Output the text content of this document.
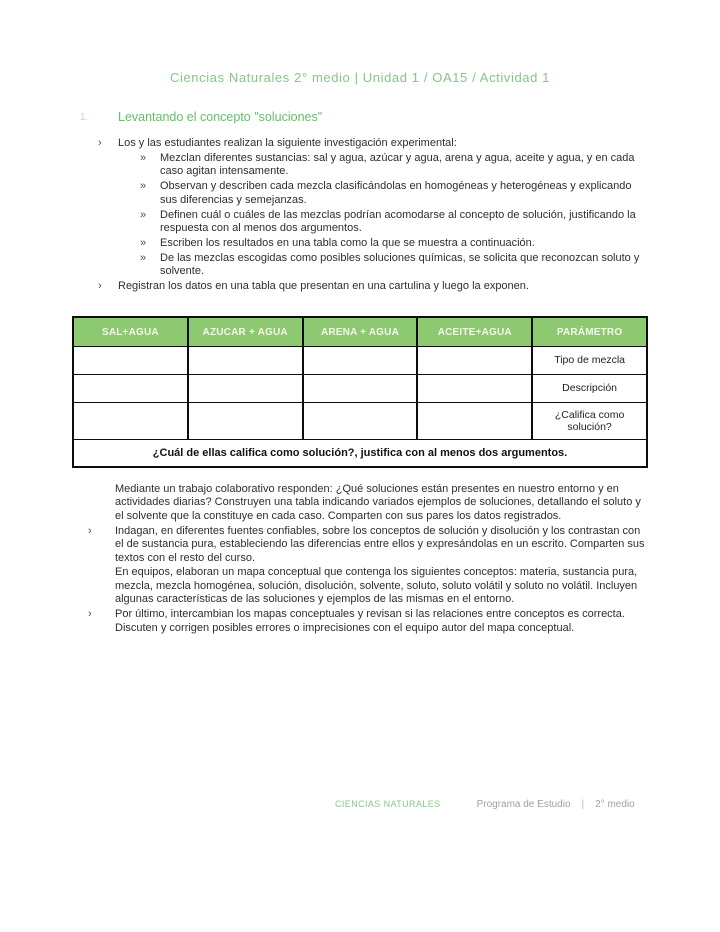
Ciencias Naturales 2° medio | Unidad 1 / OA15 / Actividad 1
1. Levantando el concepto "soluciones"
›	Los y las estudiantes realizan la siguiente investigación experimental:
»	Mezclan diferentes sustancias: sal y agua, azúcar y agua, arena y agua, aceite y agua, y en cada caso agitan intensamente.
»	Observan y describen cada mezcla clasificándolas en homogéneas y heterogéneas y explicando sus diferencias y semejanzas.
»	Definen cuál o cuáles de las mezclas podrían acomodarse al concepto de solución, justificando la respuesta con al menos dos argumentos.
»	Escriben los resultados en una tabla como la que se muestra a continuación.
»	De las mezclas escogidas como posibles soluciones químicas, se solicita que reconozcan soluto y solvente.
›	Registran los datos en una tabla que presentan en una cartulina y luego la exponen.
SAL+AGUA	AZUCAR + AGUA	ARENA + AGUA	ACEITE+AGUA	PARÁMETRO
				Tipo de mezcla
				Descripción
				¿Califica como solución?
¿Cuál de ellas califica como solución?, justifica con al menos dos argumentos.				
Mediante un trabajo colaborativo responden: ¿Qué soluciones están presentes en nuestro entorno y en actividades diarias? Construyen una tabla indicando variados ejemplos de soluciones, detallando el soluto y el solvente que la constituye en cada caso. Comparten con sus pares los datos registrados.
›	Indagan, en diferentes fuentes confiables, sobre los conceptos de solución y disolución y los contrastan con el de sustancia pura, estableciendo las diferencias entre ellos y expresándolas en un escrito. Comparten sus textos con el resto del curso.
En equipos, elaboran un mapa conceptual que contenga los siguientes conceptos: materia, sustancia pura, mezcla, mezcla homogénea, solución, disolución, solvente, soluto, soluto volátil y soluto no volátil. Incluyen algunas características de las soluciones y ejemplos de las mismas en el entorno.
›	Por último, intercambian los mapas conceptuales y revisan si las relaciones entre conceptos es correcta. Discuten y corrigen posibles errores o imprecisiones con el equipo autor del mapa conceptual.
CIENCIAS NATURALES	Programa de Estudio | 2° medio
